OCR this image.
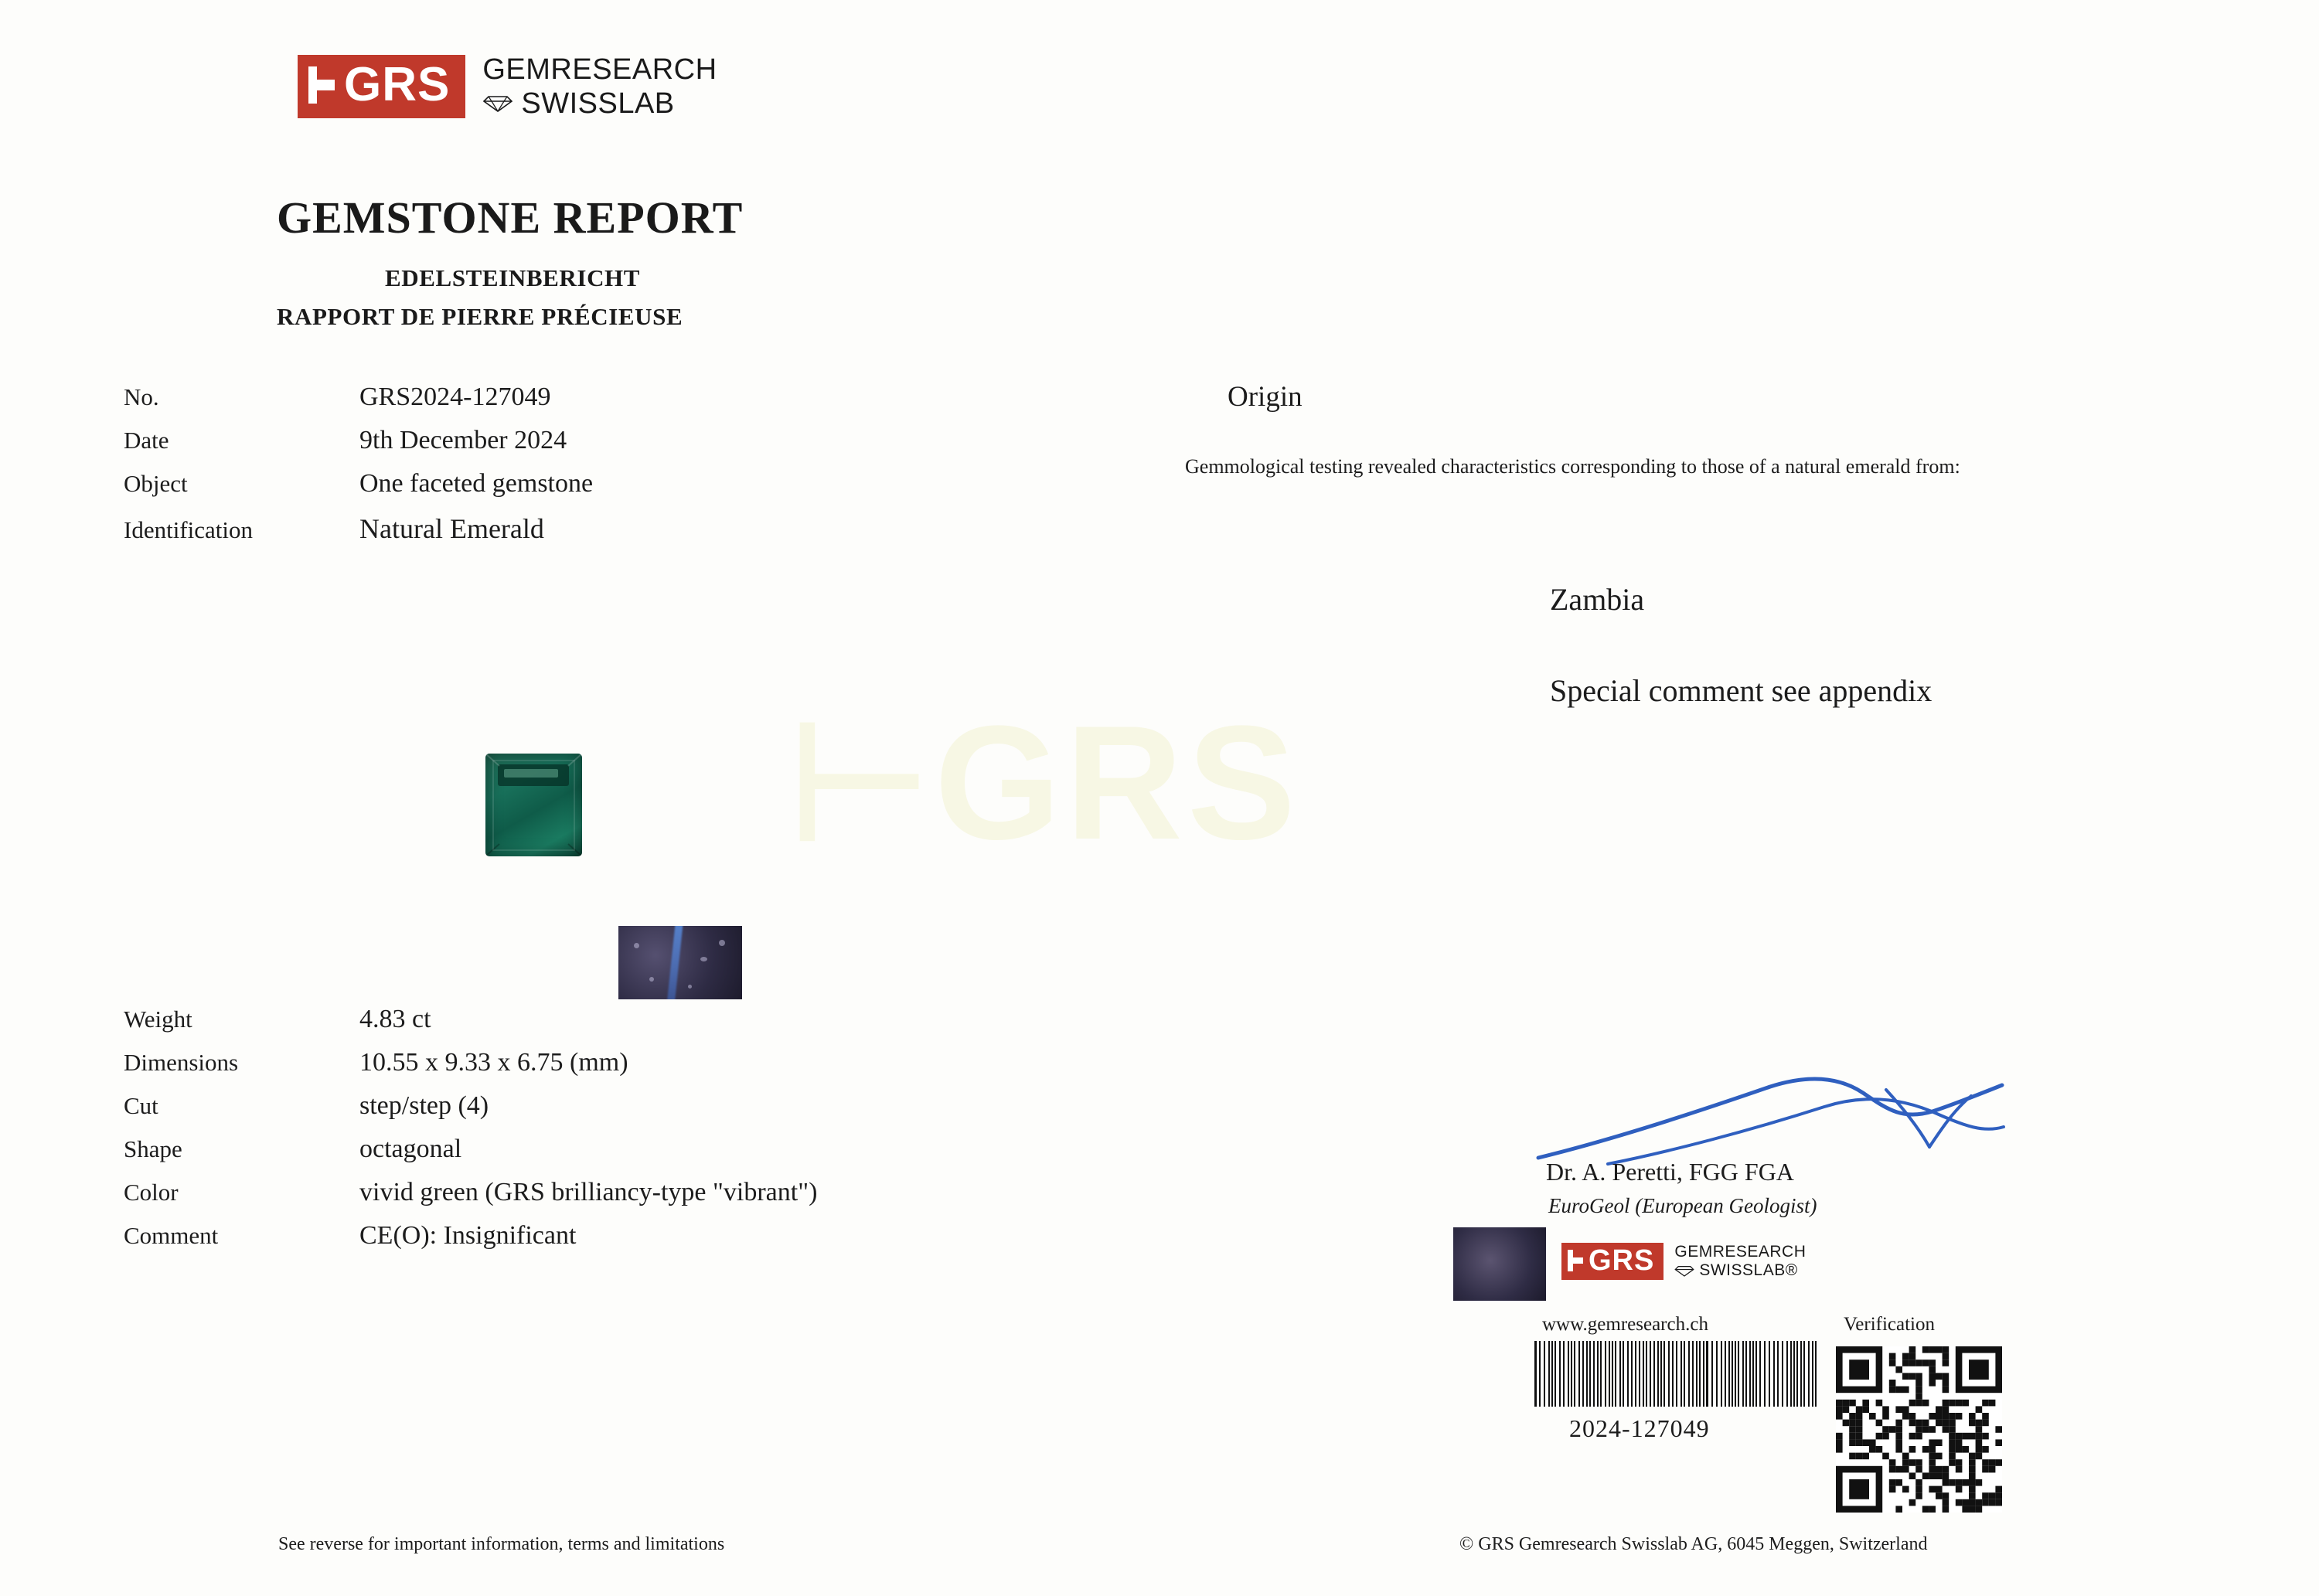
⊢GRS
GRS GEMRESEARCH
SWISSLAB
GEMSTONE REPORT
EDELSTEINBERICHT
RAPPORT DE PIERRE PRÉCIEUSE
No.	GRS2024-127049
Date	9th December 2024
Object	One faceted gemstone
Identification	Natural Emerald
Weight	4.83 ct
Dimensions	10.55 x 9.33 x 6.75 (mm)
Cut	step/step (4)
Shape	octagonal
Color	vivid green (GRS brilliancy-type "vibrant")
Comment	CE(O): Insignificant
Origin
Gemmological testing revealed characteristics corresponding to those of a natural emerald from:
Zambia
Special comment see appendix
Dr. A. Peretti, FGG FGA
EuroGeol (European Geologist)
GRS GEMRESEARCH
SWISSLAB®
www.gemresearch.ch	Verification
2024-127049
See reverse for important information, terms and limitations	© GRS Gemresearch Swisslab AG, 6045 Meggen, Switzerland
